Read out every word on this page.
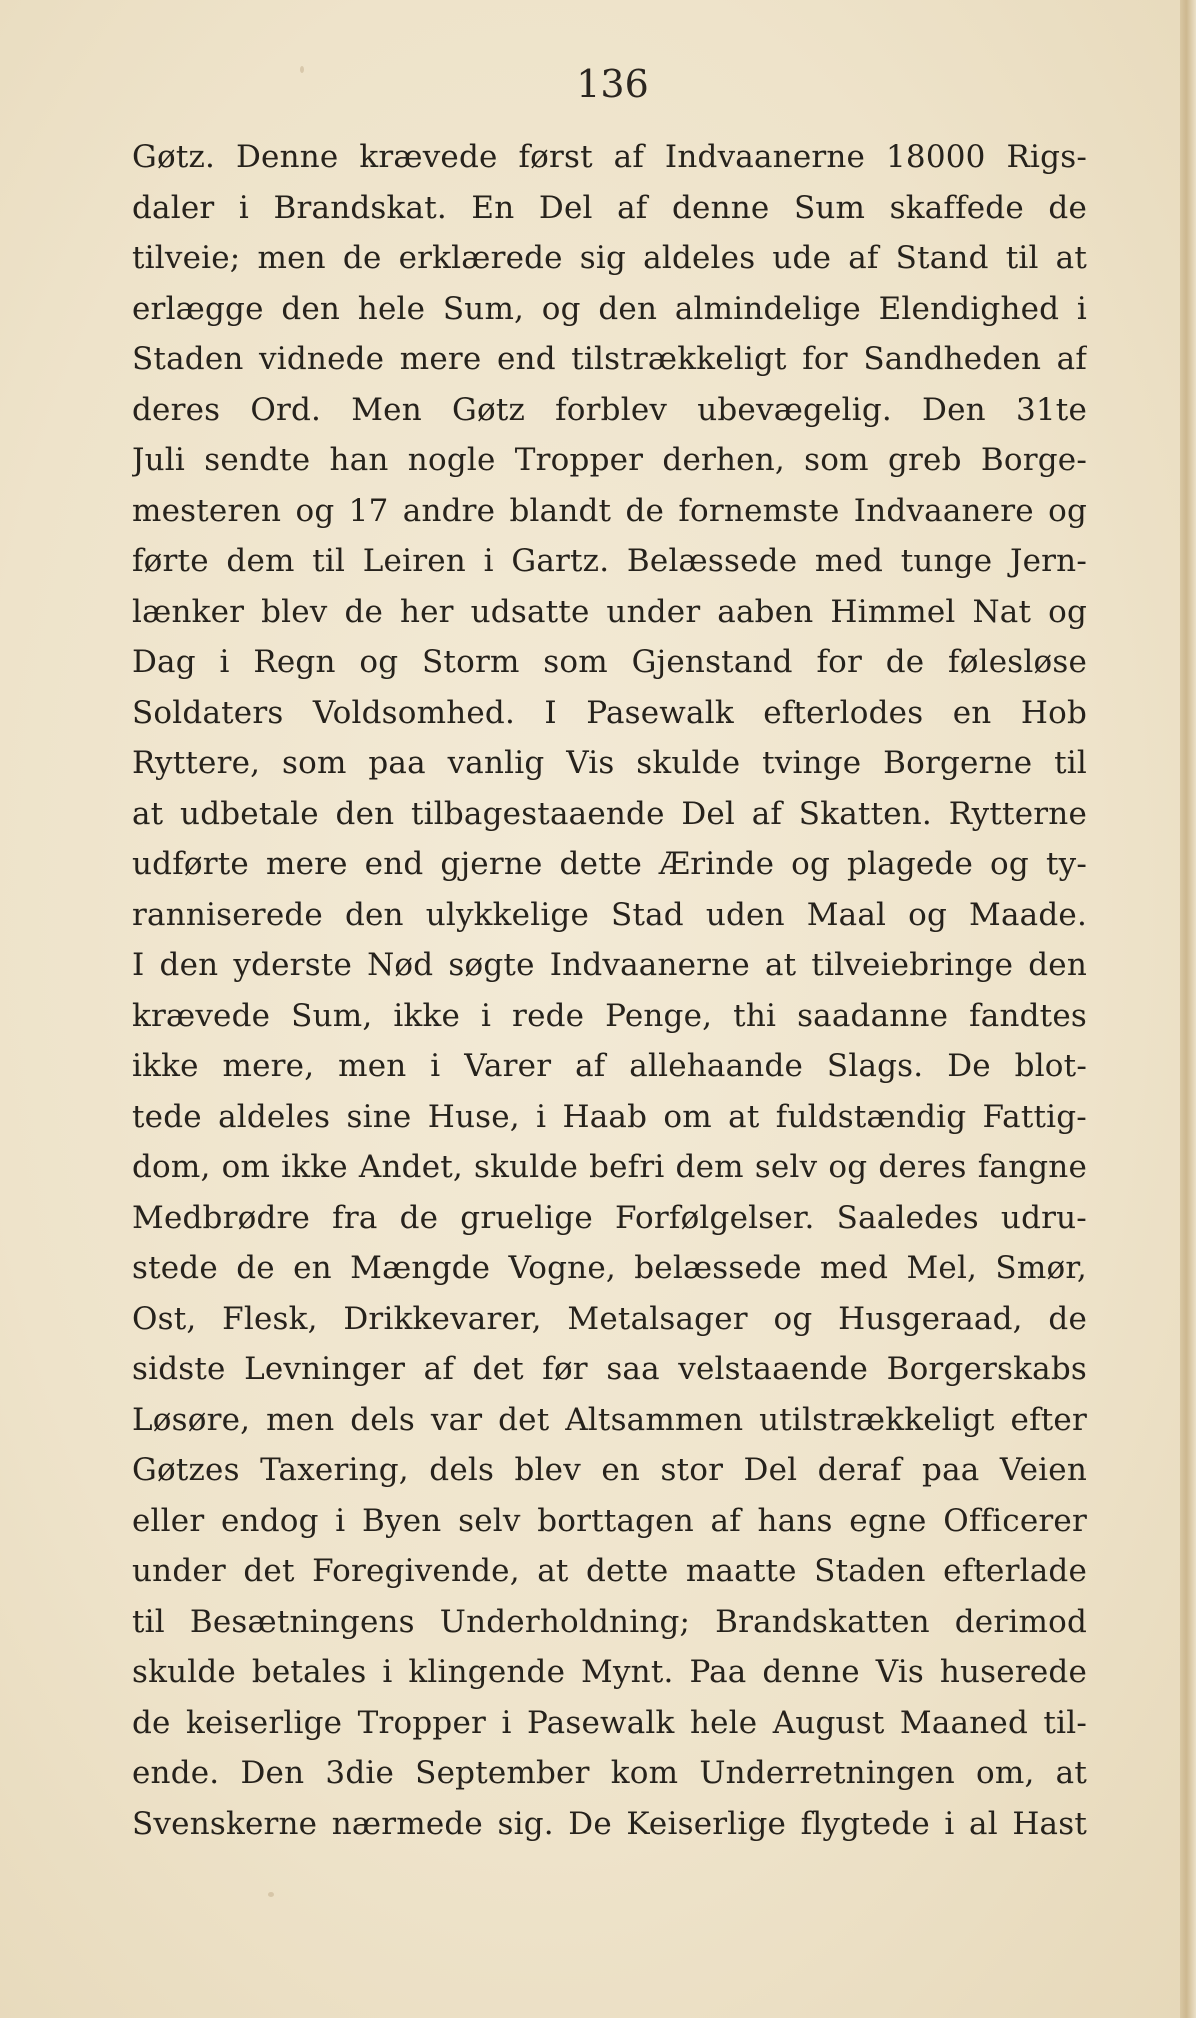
136
Gøtz. Denne krævede først af Indvaanerne 18000 Rigs-
daler i Brandskat. En Del af denne Sum skaffede de
tilveie; men de erklærede sig aldeles ude af Stand til at
erlægge den hele Sum, og den almindelige Elendighed i
Staden vidnede mere end tilstrækkeligt for Sandheden af
deres Ord. Men Gøtz forblev ubevægelig. Den 31te
Juli sendte han nogle Tropper derhen, som greb Borge-
mesteren og 17 andre blandt de fornemste Indvaanere og
førte dem til Leiren i Gartz. Belæssede med tunge Jern-
lænker blev de her udsatte under aaben Himmel Nat og
Dag i Regn og Storm som Gjenstand for de følesløse
Soldaters Voldsomhed. I Pasewalk efterlodes en Hob
Ryttere, som paa vanlig Vis skulde tvinge Borgerne til
at udbetale den tilbagestaaende Del af Skatten. Rytterne
udførte mere end gjerne dette Ærinde og plagede og ty-
ranniserede den ulykkelige Stad uden Maal og Maade.
I den yderste Nød søgte Indvaanerne at tilveiebringe den
krævede Sum, ikke i rede Penge, thi saadanne fandtes
ikke mere, men i Varer af allehaande Slags. De blot-
tede aldeles sine Huse, i Haab om at fuldstændig Fattig-
dom, om ikke Andet, skulde befri dem selv og deres fangne
Medbrødre fra de gruelige Forfølgelser. Saaledes udru-
stede de en Mængde Vogne, belæssede med Mel, Smør,
Ost, Flesk, Drikkevarer, Metalsager og Husgeraad, de
sidste Levninger af det før saa velstaaende Borgerskabs
Løsøre, men dels var det Altsammen utilstrækkeligt efter
Gøtzes Taxering, dels blev en stor Del deraf paa Veien
eller endog i Byen selv borttagen af hans egne Officerer
under det Foregivende, at dette maatte Staden efterlade
til Besætningens Underholdning; Brandskatten derimod
skulde betales i klingende Mynt. Paa denne Vis huserede
de keiserlige Tropper i Pasewalk hele August Maaned til-
ende. Den 3die September kom Underretningen om, at
Svenskerne nærmede sig. De Keiserlige flygtede i al Hast
